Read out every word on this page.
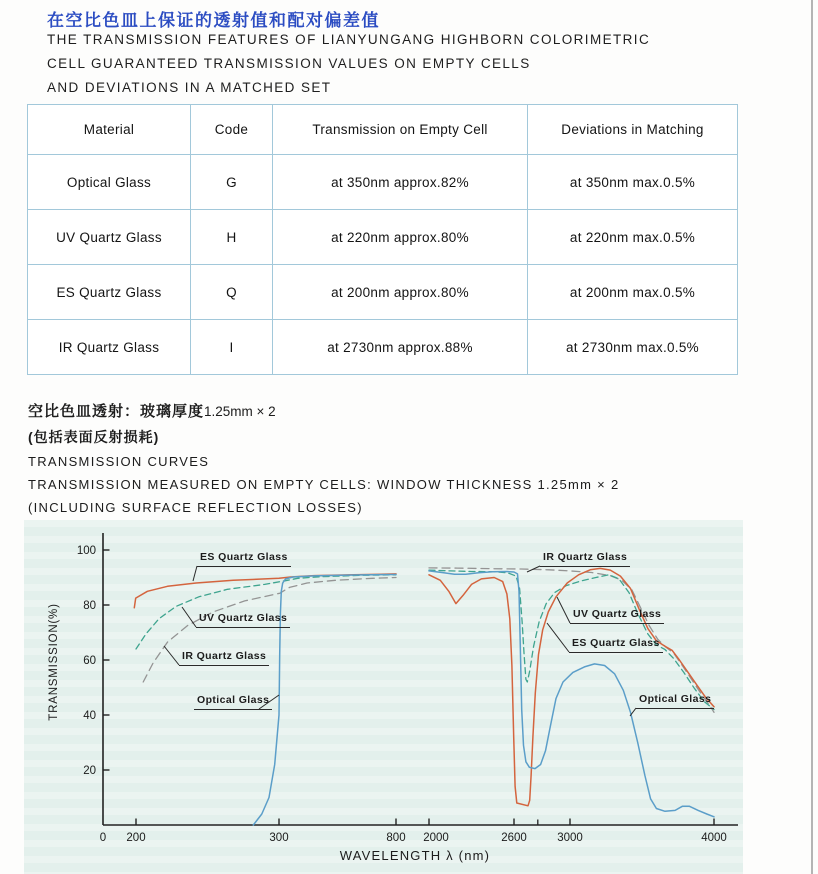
在空比色皿上保证的透射值和配对偏差值
THE TRANSMISSION FEATURES OF LIANYUNGANG HIGHBORN COLORIMETRIC
CELL GUARANTEED TRANSMISSION VALUES ON EMPTY CELLS
AND DEVIATIONS IN A MATCHED SET
Material	Code	Transmission on Empty Cell	Deviations in Matching
Optical Glass	G	at 350nm approx.82%	at 350nm max.0.5%
UV Quartz Glass	H	at 220nm approx.80%	at 220nm max.0.5%
ES Quartz Glass	Q	at 200nm approx.80%	at 200nm max.0.5%
IR Quartz Glass	I	at 2730nm approx.88%	at 2730nm max.0.5%
空比色皿透射：玻璃厚度1.25mm × 2
(包括表面反射损耗)
TRANSMISSION CURVES
TRANSMISSION MEASURED ON EMPTY CELLS: WINDOW THICKNESS 1.25mm × 2
(INCLUDING SURFACE REFLECTION LOSSES)
0 200	300	800 2000	2600	3000	4000
20
40
60
80
100
WAVELENGTH λ (nm)
TRANSMISSION(%)
ES Quartz Glass
UV Quartz Glass
IR Quartz Glass
Optical Glass
IR Quartz Glass
UV Quartz Glass
ES Quartz Glass
Optical Glass
